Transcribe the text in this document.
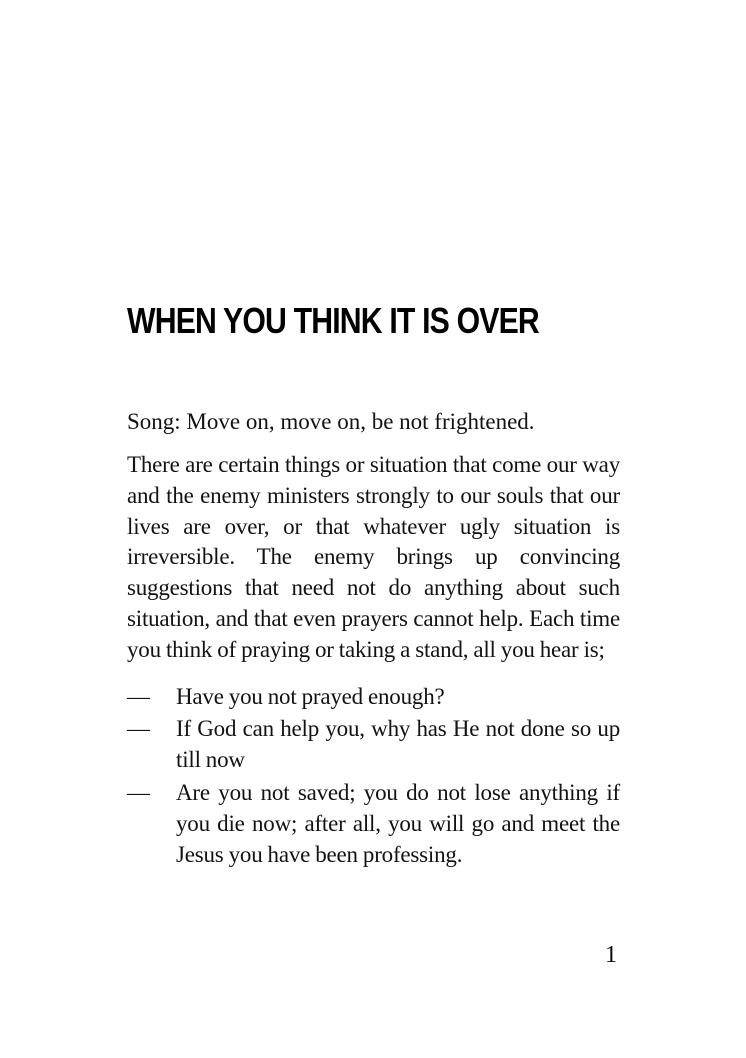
WHEN YOU THINK IT IS OVER

Song: Move on, move on, be not frightened.

There are certain things or situation that come our way and the enemy ministers strongly to our souls that our lives are over, or that whatever ugly situation is irreversible. The enemy brings up convincing suggestions that need not do anything about such situation, and that even prayers cannot help. Each time you think of praying or taking a stand, all you hear is;

— Have you not prayed enough?
— If God can help you, why has He not done so up till now
— Are you not saved; you do not lose anything if you die now; after all, you will go and meet the Jesus you have been professing.
1
